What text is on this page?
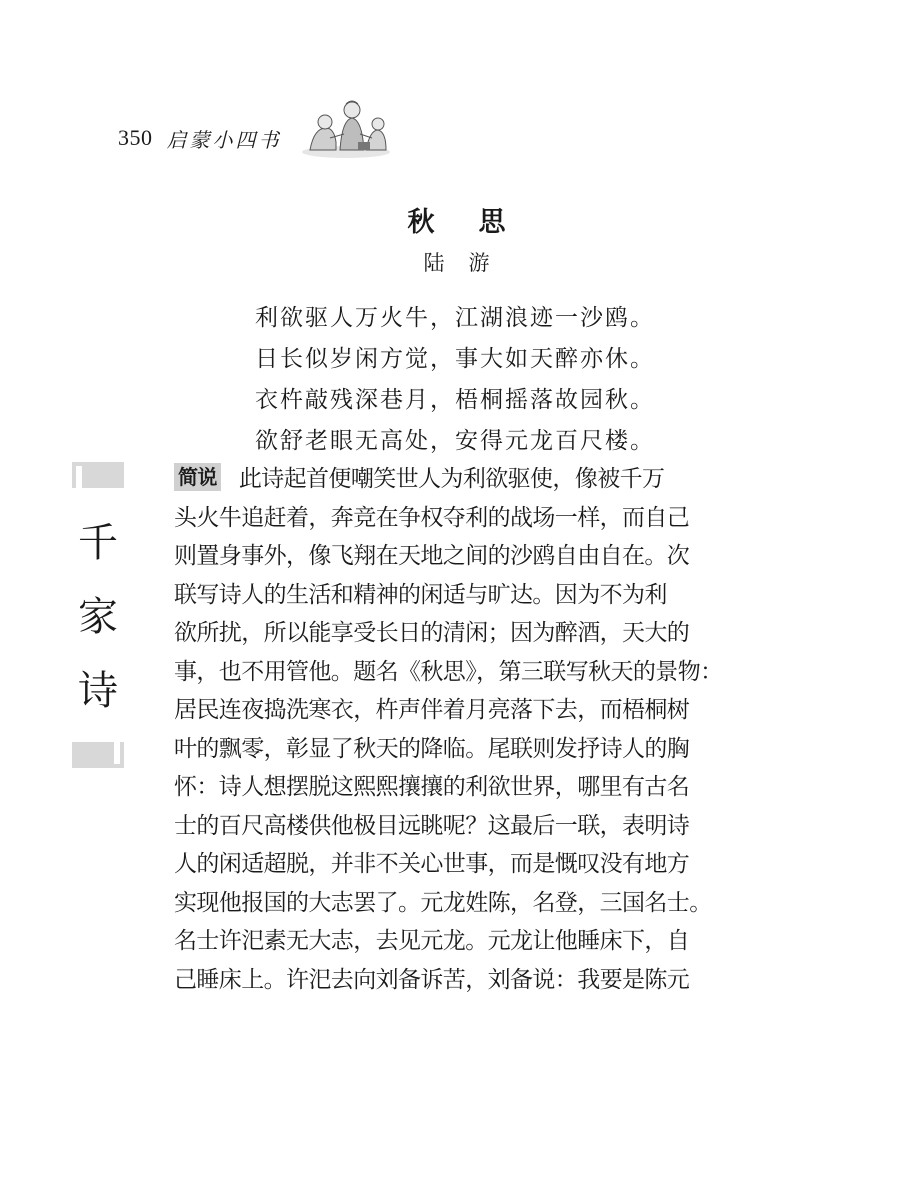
350 启蒙小四书
秋思
陆游
利欲驱人万火牛，江湖浪迹一沙鸥。
日长似岁闲方觉，事大如天醉亦休。
衣杵敲残深巷月，梧桐摇落故园秋。
欲舒老眼无高处，安得元龙百尺楼。
千
家
诗
简说 此诗起首便嘲笑世人为利欲驱使，像被千万
头火牛追赶着，奔竞在争权夺利的战场一样，而自己
则置身事外，像飞翔在天地之间的沙鸥自由自在。次
联写诗人的生活和精神的闲适与旷达。因为不为利
欲所扰，所以能享受长日的清闲；因为醉酒，天大的
事，也不用管他。题名《秋思》，第三联写秋天的景物：
居民连夜捣洗寒衣，杵声伴着月亮落下去，而梧桐树
叶的飘零，彰显了秋天的降临。尾联则发抒诗人的胸
怀：诗人想摆脱这熙熙攘攘的利欲世界，哪里有古名
士的百尺高楼供他极目远眺呢？这最后一联，表明诗
人的闲适超脱，并非不关心世事，而是慨叹没有地方
实现他报国的大志罢了。元龙姓陈，名登，三国名士。
名士许汜素无大志，去见元龙。元龙让他睡床下，自
己睡床上。许汜去向刘备诉苦，刘备说：我要是陈元
